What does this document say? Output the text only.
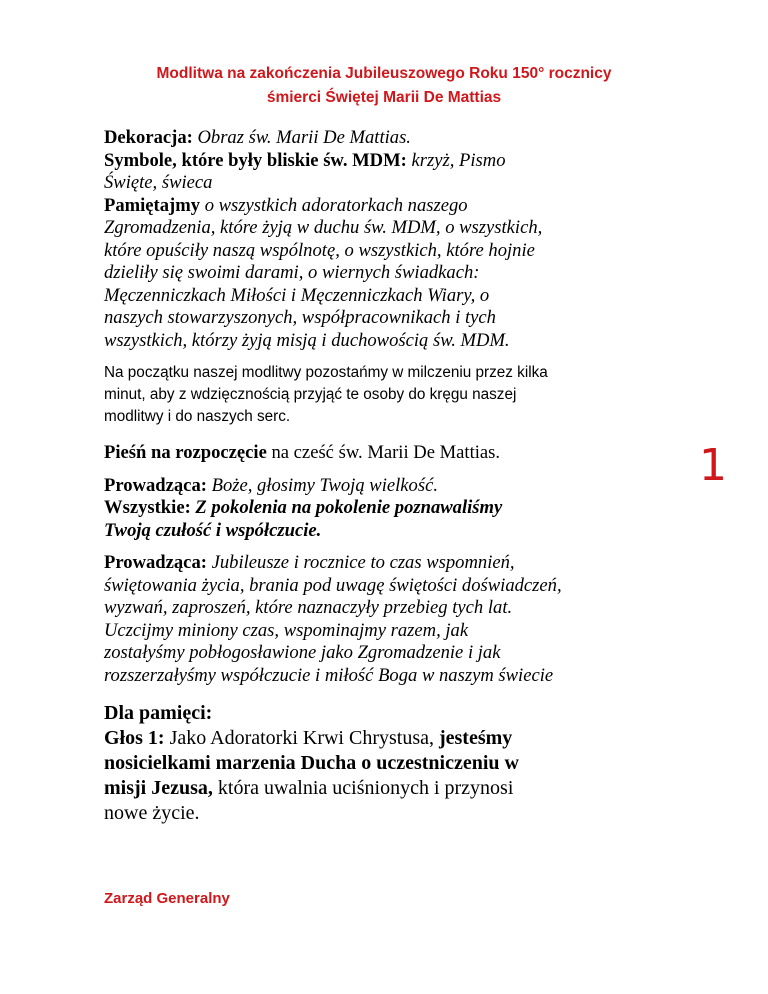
Modlitwa na zakończenia Jubileuszowego Roku 150° rocznicy
śmierci Świętej Marii De Mattias
1

Dekoracja: Obraz św. Marii De Mattias.

Symbole, które były bliskie św. MDM: krzyż, Pismo
Święte, świeca

Pamiętajmy o wszystkich adoratorkach naszego
Zgromadzenia, które żyją w duchu św. MDM, o wszystkich,
które opuściły naszą wspólnotę, o wszystkich, które hojnie
dzieliły się swoimi darami, o wiernych świadkach:
Męczenniczkach Miłości i Męczenniczkach Wiary, o
naszych stowarzyszonych, współpracownikach i tych
wszystkich, którzy żyją misją i duchowością św. MDM.

Na początku naszej modlitwy pozostańmy w milczeniu przez kilka
minut, aby z wdzięcznością przyjąć te osoby do kręgu naszej
modlitwy i do naszych serc.

Pieśń na rozpoczęcie na cześć św. Marii De Mattias.

Prowadząca: Boże, głosimy Twoją wielkość.
Wszystkie: Z pokolenia na pokolenie poznawaliśmy
Twoją czułość i współczucie.

Prowadząca: Jubileusze i rocznice to czas wspomnień,
świętowania życia, brania pod uwagę świętości doświadczeń,
wyzwań, zaproszeń, które naznaczyły przebieg tych lat.
Uczcijmy miniony czas, wspominajmy razem, jak
zostałyśmy pobłogosławione jako Zgromadzenie i jak
rozszerzałyśmy współczucie i miłość Boga w naszym świecie

Dla pamięci:
Głos 1: Jako Adoratorki Krwi Chrystusa, jesteśmy
nosicielkami marzenia Ducha o uczestniczeniu w
misji Jezusa, która uwalnia uciśnionych i przynosi
nowe życie.

Zarząd Generalny
